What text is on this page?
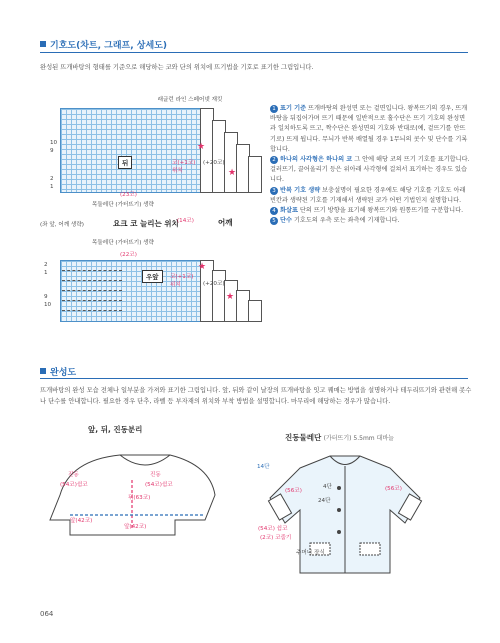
기호도(차트, 그래프, 상세도)
완성된 뜨개바탕의 형태를 기준으로 해당하는 코와 단의 위치에 뜨기법을 기호로 표기한 그림입니다.
래글런 라인 스페어넷 재킷
뒤	코(+1코)
위치
(+20코)
★
★
10
9
2
1
(23코)
목둘레단 (가터뜨기) 생략
(좌 앞, 어깨 생략)	요크 코 늘리는 위치
(14코)	어깨
목둘레단 (가터뜨기) 생략
(22코)
우앞	코(+1코)
위치	(+20코)
★
★
2
1
9
10
1 표기 기준 뜨개바탕의 완성면 또는 겉면입니다. 왕복뜨기의 경우, 뜨개바탕을 뒤집어가며 뜨기 때문에 일반적으로 홀수단은 뜨기 기호의 완성면과 일치하도록 뜨고, 짝수단은 완성면의 기호와 반대로(예, 겉뜨기를 안뜨기로) 뜨게 됩니다. 무늬가 반복 배열될 경우 1무늬의 콧수 및 단수를 기록합니다.
2 하나의 사각형은 하나의 코 그 안에 해당 코의 뜨기 기호를 표기합니다. 걸러뜨기, 끌어올리기 등은 위아래 사각형에 걸쳐서 표기하는 경우도 있습니다.
3 반복 기호 생략 보충설명이 필요한 경우에도 해당 기호를 기호도 아래 빈칸과 생략된 기호를 기재해서 생략된 코가 어떤 기법인지 설명합니다.
4 화살표 단의 뜨기 방향을 표기해 왕복뜨기와 원통뜨기를 구분합니다.
5 단수 기호도의 우측 또는 좌측에 기재합니다.
완성도
뜨개바탕의 완성 모습 전체나 일부분을 가져와 표기한 그림입니다. 앞, 뒤와 같이 날장의 뜨개바탕을 잇고 꿰매는 방법을 설명하거나 테두리뜨기와 관련해 콧수나 단수를 안내합니다. 필요한 경우 단추, 라벨 등 부자재의 위치와 부착 방법을 설명합니다. 마무리에 해당하는 경우가 많습니다.
앞, 뒤, 진동분리
진동
(54코)쉼코
진동
(54코)쉼코
뒤(63코)
앞(42코)
앞(42코)
진동둘레단 (가터뜨기) 5.5mm 대바늘
14단
(56코)	(56코)
4단
24단
(54코) 쉼코
(2코) 코줍기
주머니 장식
064
